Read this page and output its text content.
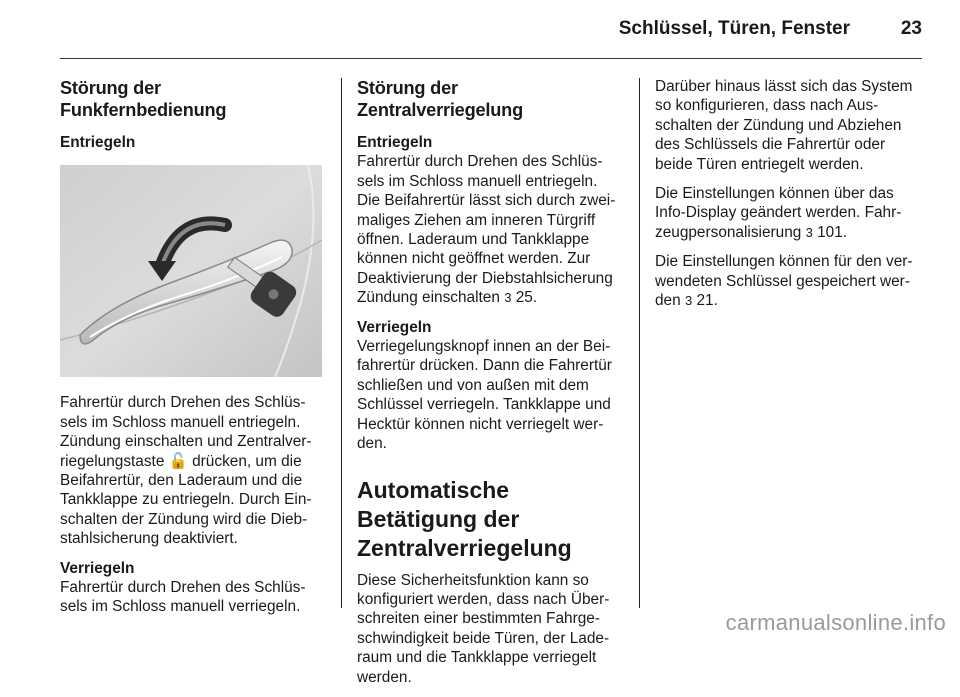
Schlüssel, Türen, Fenster	23
Störung der Funkfernbedienung
Entriegeln

Fahrertür durch Drehen des Schlüssels im Schloss manuell entriegeln. Zündung einschalten und Zentralverriegelungstaste 🔓 drücken, um die Beifahrertür, den Laderaum und die Tankklappe zu entriegeln. Durch Einschalten der Zündung wird die Diebstahlsicherung deaktiviert.

Verriegeln

Fahrertür durch Drehen des Schlüssels im Schloss manuell verriegeln.

Störung der Zentralverriegelung
Entriegeln

Fahrertür durch Drehen des Schlüssels im Schloss manuell entriegeln. Die Beifahrertür lässt sich durch zweimaliges Ziehen am inneren Türgriff öffnen. Laderaum und Tankklappe können nicht geöffnet werden. Zur Deaktivierung der Diebstahlsicherung Zündung einschalten 3 25.

Verriegeln

Verriegelungsknopf innen an der Beifahrertür drücken. Dann die Fahrertür schließen und von außen mit dem Schlüssel verriegeln. Tankklappe und Hecktür können nicht verriegelt werden.

Automatische Betätigung der Zentralverriegelung

Diese Sicherheitsfunktion kann so konfiguriert werden, dass nach Überschreiten einer bestimmten Fahrgeschwindigkeit beide Türen, der Laderaum und die Tankklappe verriegelt werden.

Darüber hinaus lässt sich das System so konfigurieren, dass nach Ausschalten der Zündung und Abziehen des Schlüssels die Fahrertür oder beide Türen entriegelt werden.

Die Einstellungen können über das Info-Display geändert werden. Fahrzeugpersonalisierung 3 101.

Die Einstellungen können für den verwendeten Schlüssel gespeichert werden 3 21.

carmanualsonline.info
